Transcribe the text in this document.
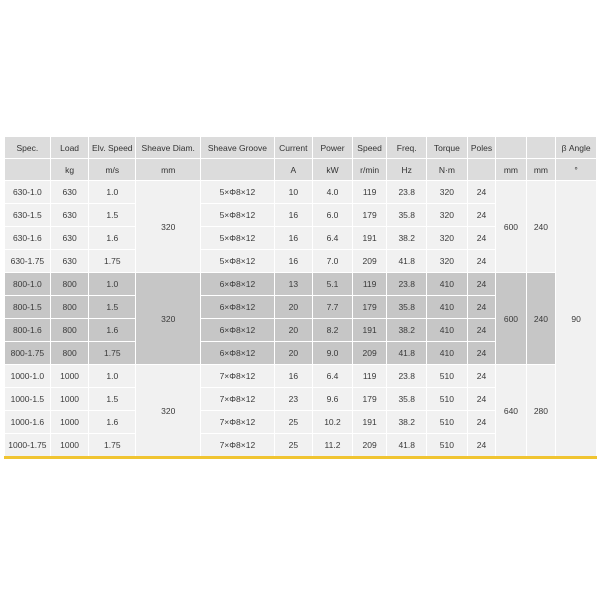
Spec.	Load	Elv. Speed	Sheave Diam.	Sheave Groove	Current	Power	Speed	Freq.	Torque	Poles			β Angle
	kg	m/s	mm		A	kW	r/min	Hz	N·m		mm	mm	°
630-1.0	630	1.0	320	5×Φ8×12	10	4.0	119	23.8	320	24	600	240	90
630-1.5	630	1.5		5×Φ8×12	16	6.0	179	35.8	320	24			
630-1.6	630	1.6		5×Φ8×12	16	6.4	191	38.2	320	24			
630-1.75	630	1.75		5×Φ8×12	16	7.0	209	41.8	320	24			
800-1.0	800	1.0	320	6×Φ8×12	13	5.1	119	23.8	410	24	600	240	
800-1.5	800	1.5		6×Φ8×12	20	7.7	179	35.8	410	24			
800-1.6	800	1.6		6×Φ8×12	20	8.2	191	38.2	410	24			
800-1.75	800	1.75		6×Φ8×12	20	9.0	209	41.8	410	24			
1000-1.0	1000	1.0	320	7×Φ8×12	16	6.4	119	23.8	510	24	640	280	
1000-1.5	1000	1.5		7×Φ8×12	23	9.6	179	35.8	510	24			
1000-1.6	1000	1.6		7×Φ8×12	25	10.2	191	38.2	510	24			
1000-1.75	1000	1.75		7×Φ8×12	25	11.2	209	41.8	510	24			
